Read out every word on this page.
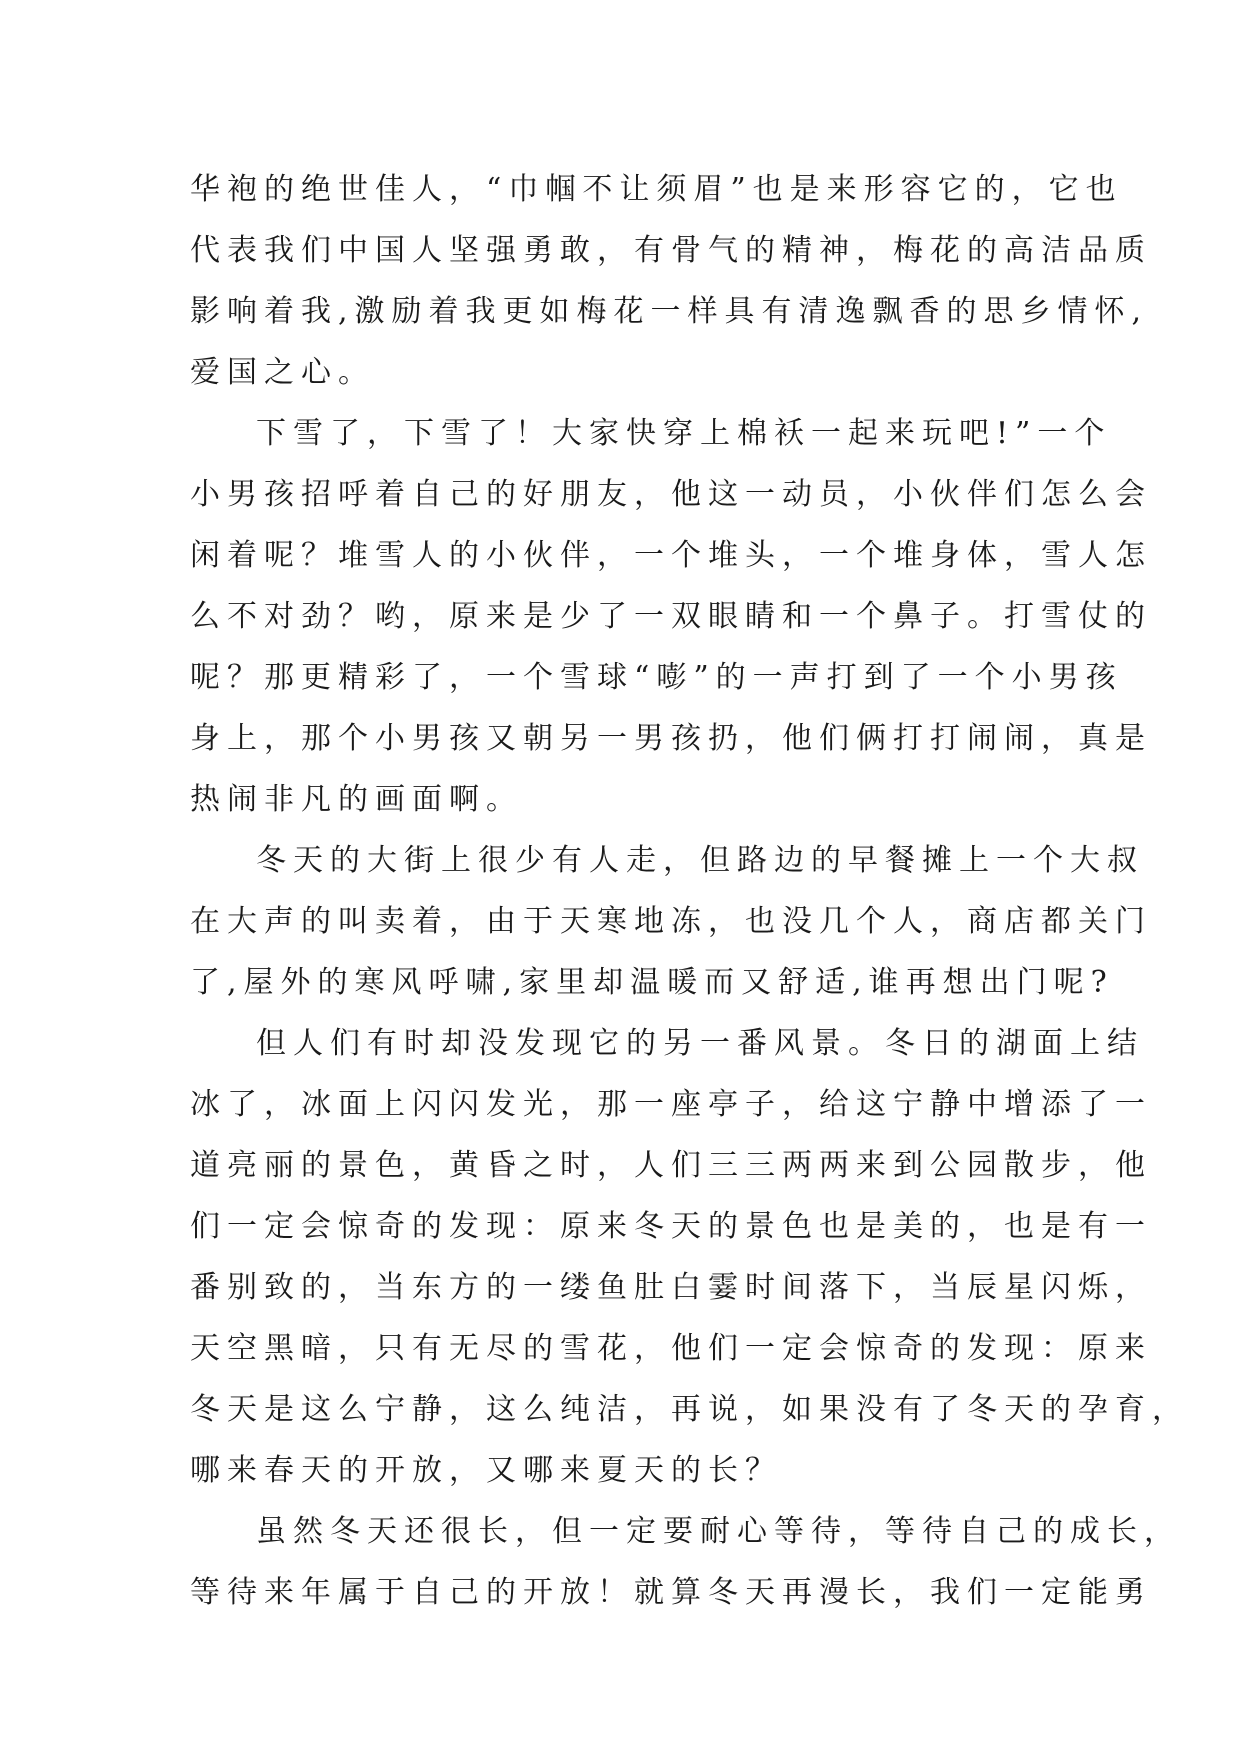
华袍的绝世佳人，“巾帼不让须眉”也是来形容它的，它也
代表我们中国人坚强勇敢，有骨气的精神，梅花的高洁品质
影响着我,激励着我更如梅花一样具有清逸飘香的思乡情怀,
爱国之心。
下雪了，下雪了！大家快穿上棉袄一起来玩吧!”一个
小男孩招呼着自己的好朋友，他这一动员，小伙伴们怎么会
闲着呢？堆雪人的小伙伴，一个堆头，一个堆身体，雪人怎
么不对劲？哟，原来是少了一双眼睛和一个鼻子。打雪仗的
呢？那更精彩了，一个雪球“嘭”的一声打到了一个小男孩
身上，那个小男孩又朝另一男孩扔，他们俩打打闹闹，真是
热闹非凡的画面啊。
冬天的大街上很少有人走，但路边的早餐摊上一个大叔
在大声的叫卖着，由于天寒地冻，也没几个人，商店都关门
了,屋外的寒风呼啸,家里却温暖而又舒适,谁再想出门呢?
但人们有时却没发现它的另一番风景。冬日的湖面上结
冰了，冰面上闪闪发光，那一座亭子，给这宁静中增添了一
道亮丽的景色，黄昏之时，人们三三两两来到公园散步，他
们一定会惊奇的发现：原来冬天的景色也是美的，也是有一
番别致的，当东方的一缕鱼肚白霎时间落下，当辰星闪烁，
天空黑暗，只有无尽的雪花，他们一定会惊奇的发现：原来
冬天是这么宁静，这么纯洁，再说，如果没有了冬天的孕育，
哪来春天的开放，又哪来夏天的长？
虽然冬天还很长，但一定要耐心等待，等待自己的成长，
等待来年属于自己的开放！就算冬天再漫长，我们一定能勇
